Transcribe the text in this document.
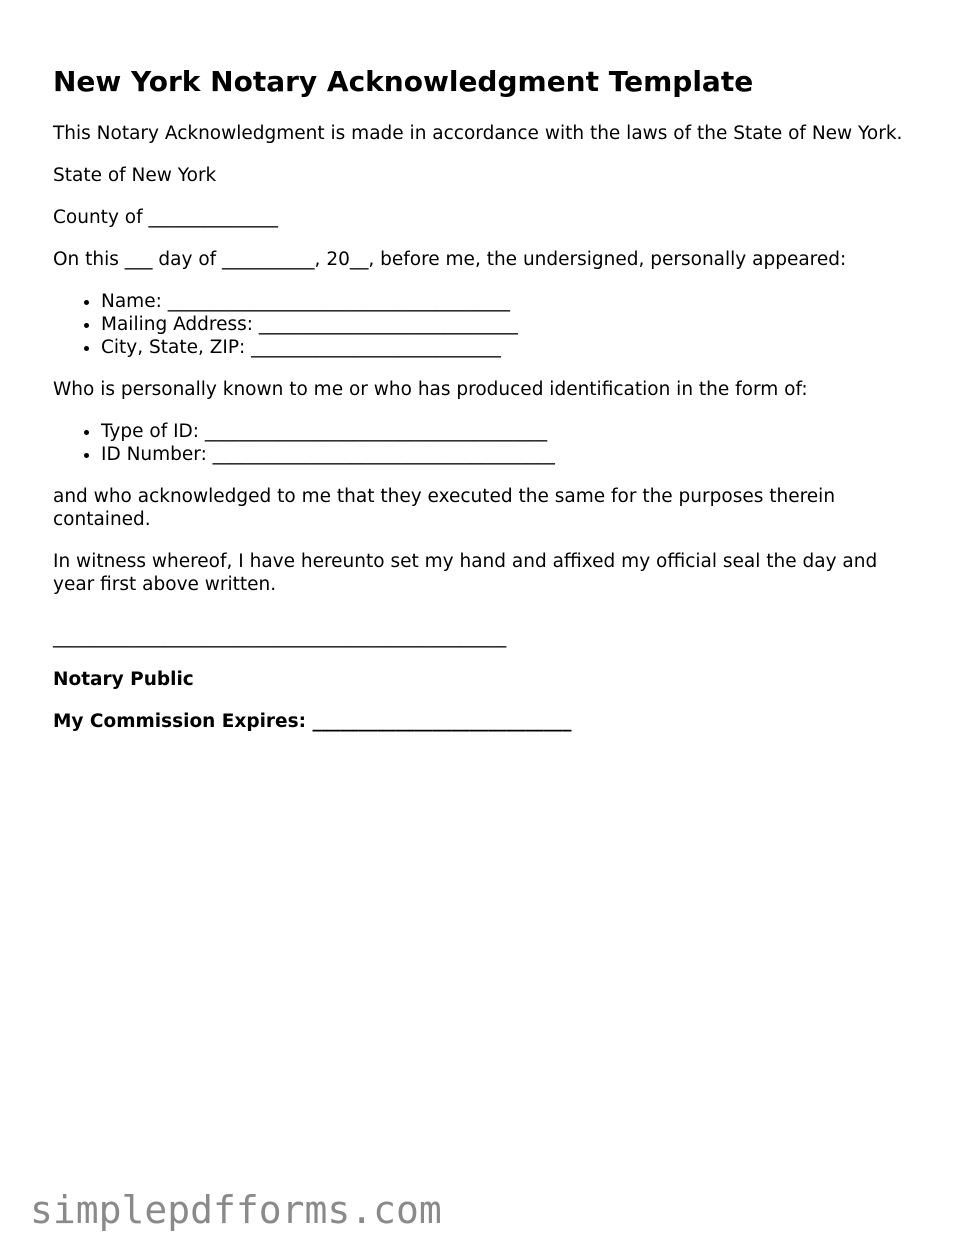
New York Notary Acknowledgment Template

This Notary Acknowledgment is made in accordance with the laws of the State of New York.

State of New York

County of ______________

On this ___ day of __________, 20__, before me, the undersigned, personally appeared:

• Name: _____________________________________
• Mailing Address: ____________________________
• City, State, ZIP: ___________________________

Who is personally known to me or who has produced identification in the form of:

• Type of ID: _____________________________________
• ID Number: _____________________________________

and who acknowledged to me that they executed the same for the purposes therein contained.

In witness whereof, I have hereunto set my hand and affixed my official seal the day and year first above written.

_________________________________________________

Notary Public

My Commission Expires: ____________________________

simplepdfforms.com
